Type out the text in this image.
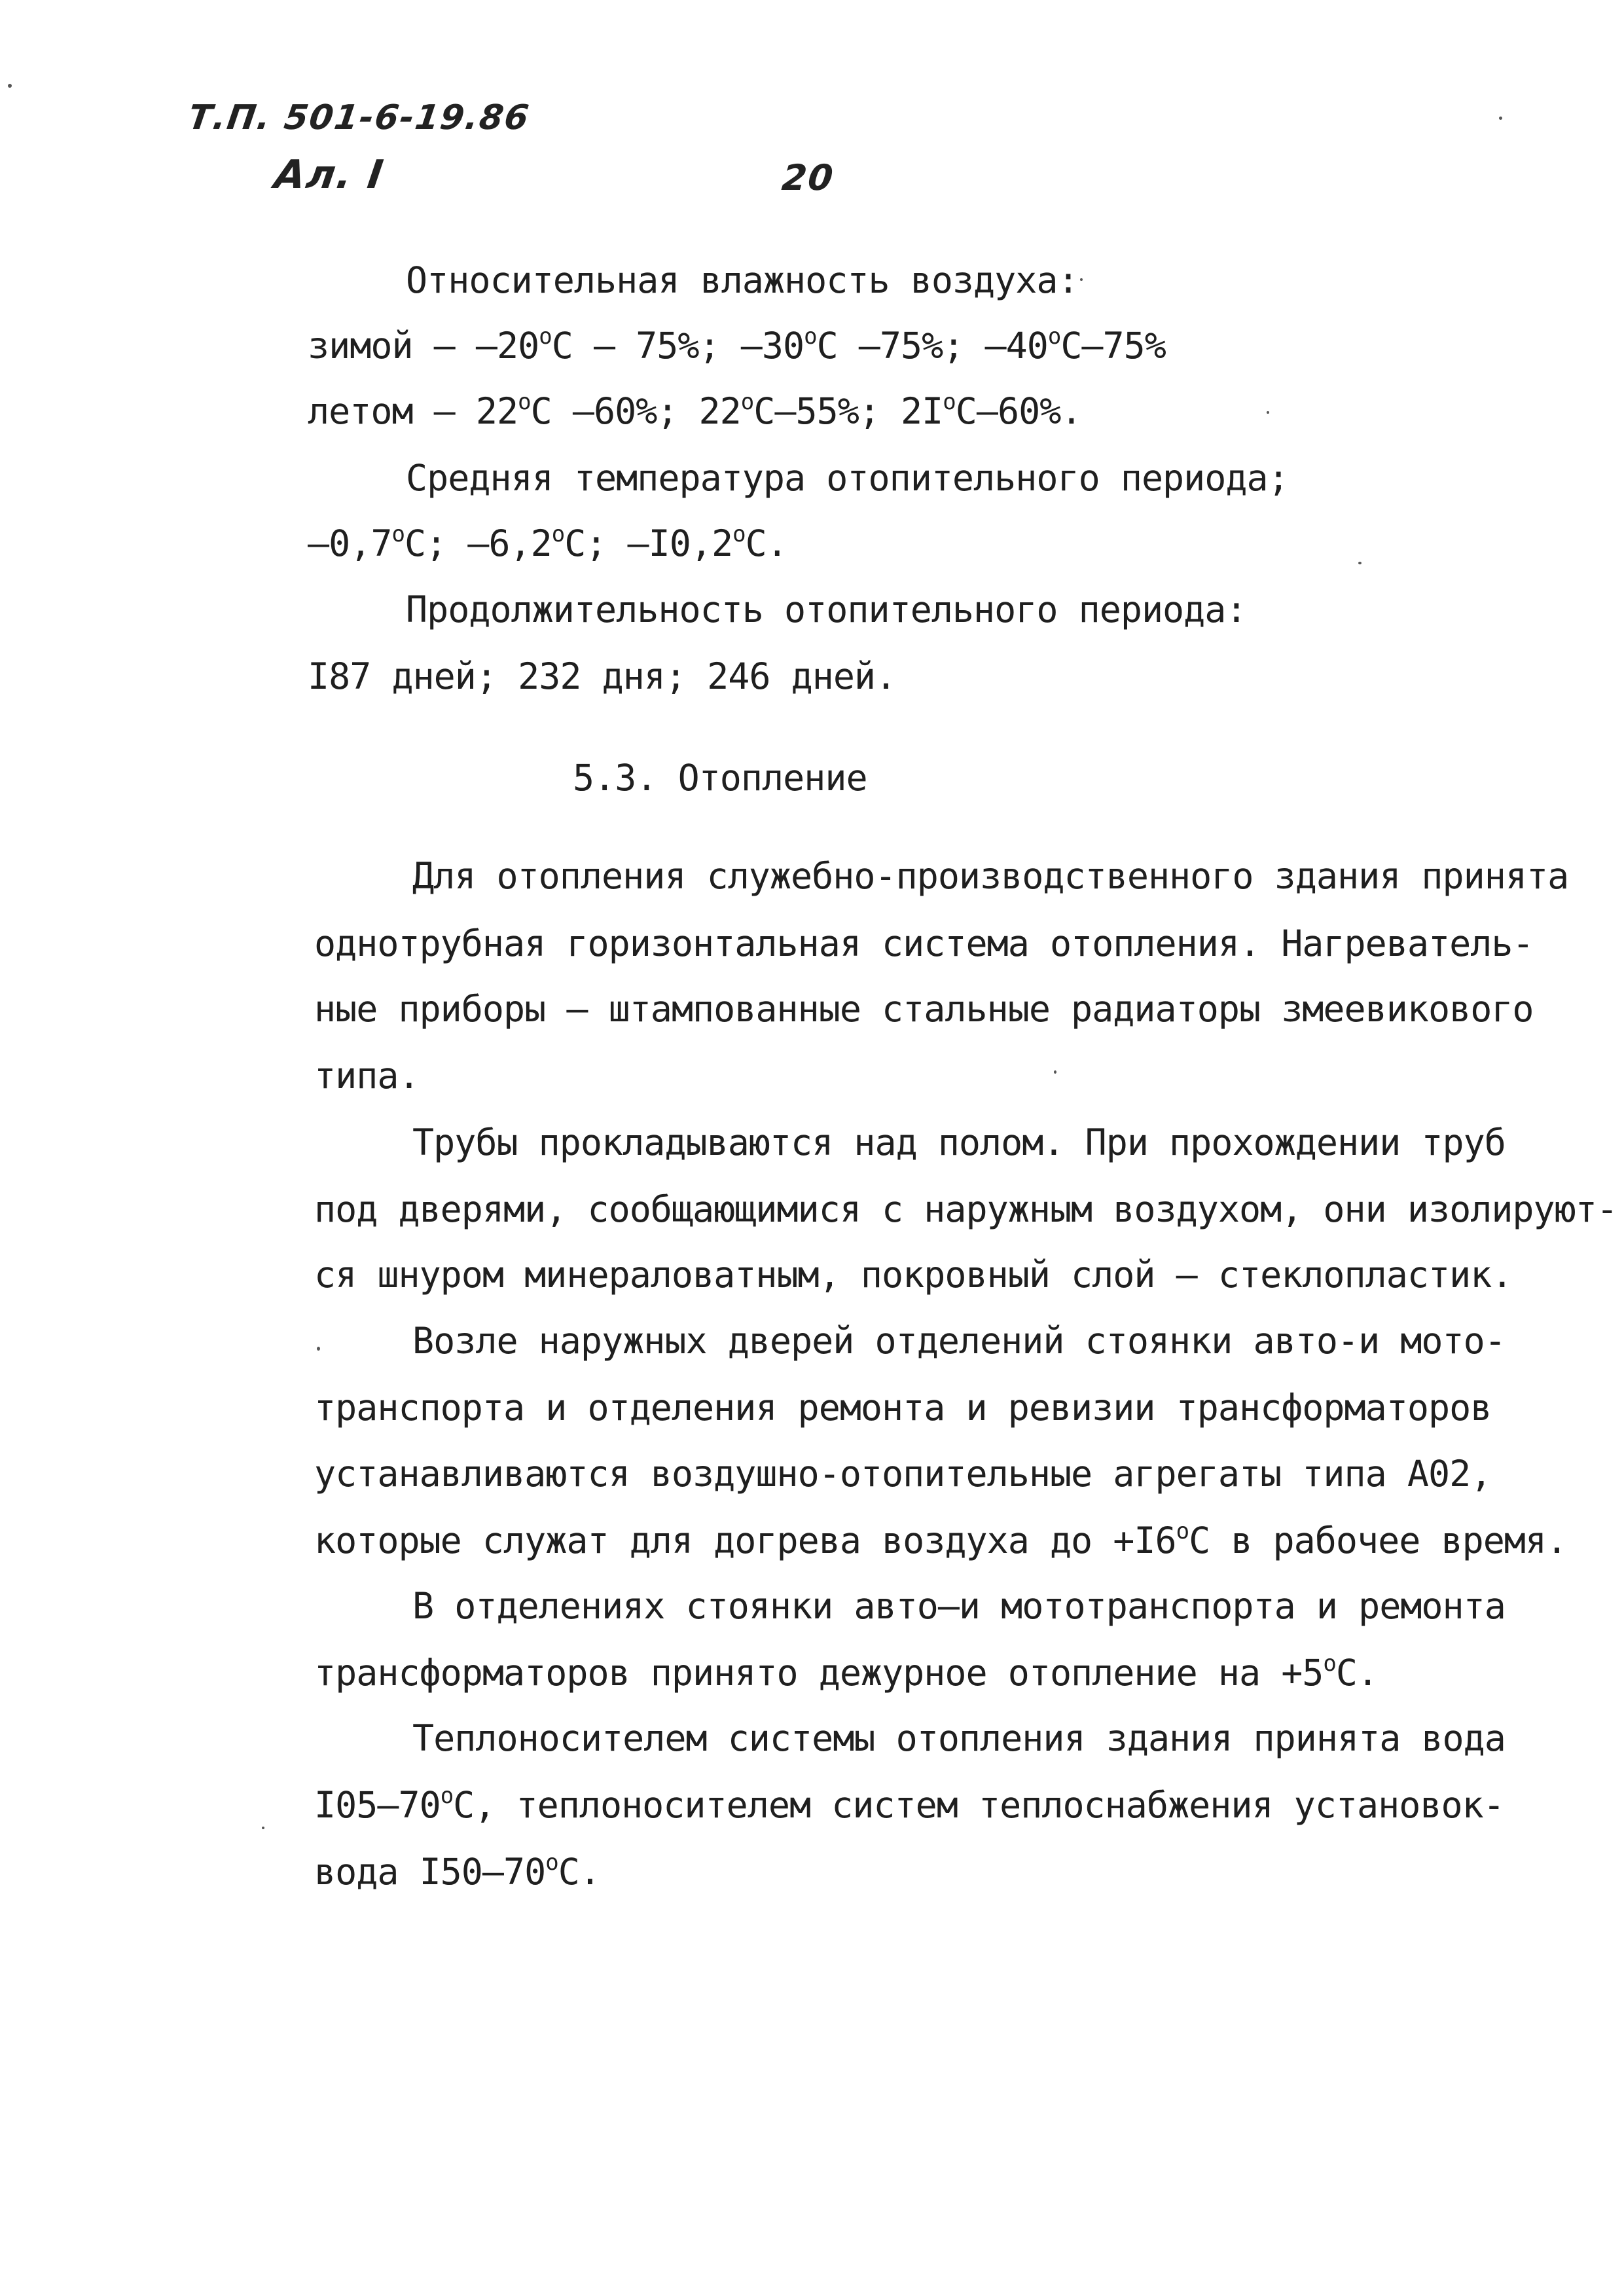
Т.П. 501-6-19.86
Ал. I	20
Относительная влажность воздуха:
зимой – $-20^оС - 75\%$; $-30^оС$ –75%; $-40^оС-75\%$
летом – $22^оС$ –60%; $22^оС-55\%$; $2I^оС-60\%$.
Средняя температура отопительного периода;
$-0,7^оС$; $-6,2^оС$; $-I0,2^оС$.
Продолжительность отопительного периода:
I87 дней; 232 дня; 246 дней.
5.3. Отопление
Для отопления служебно-производственного здания принята
однотрубная горизонтальная система отопления. Нагреватель-
ные приборы – штампованные стальные радиаторы змеевикового
типа.
Трубы прокладываются над полом. При прохождении труб
под дверями, сообщающимися с наружным воздухом, они изолируют-
ся шнуром минераловатным, покровный слой – стеклопластик.
Возле наружных дверей отделений стоянки авто-и мото-
транспорта и отделения ремонта и ревизии трансформаторов
устанавливаются воздушно-отопительные агрегаты типа А02,
которые служат для догрева воздуха до $+I6^оС$ в рабочее время.
В отделениях стоянки авто–и мототранспорта и ремонта
трансформаторов принято дежурное отопление на $+5^оС$.
Теплоносителем системы отопления здания принята вода
$I05-70^оС$, теплоносителем систем теплоснабжения установок-
вода $I50-70^оС$.
